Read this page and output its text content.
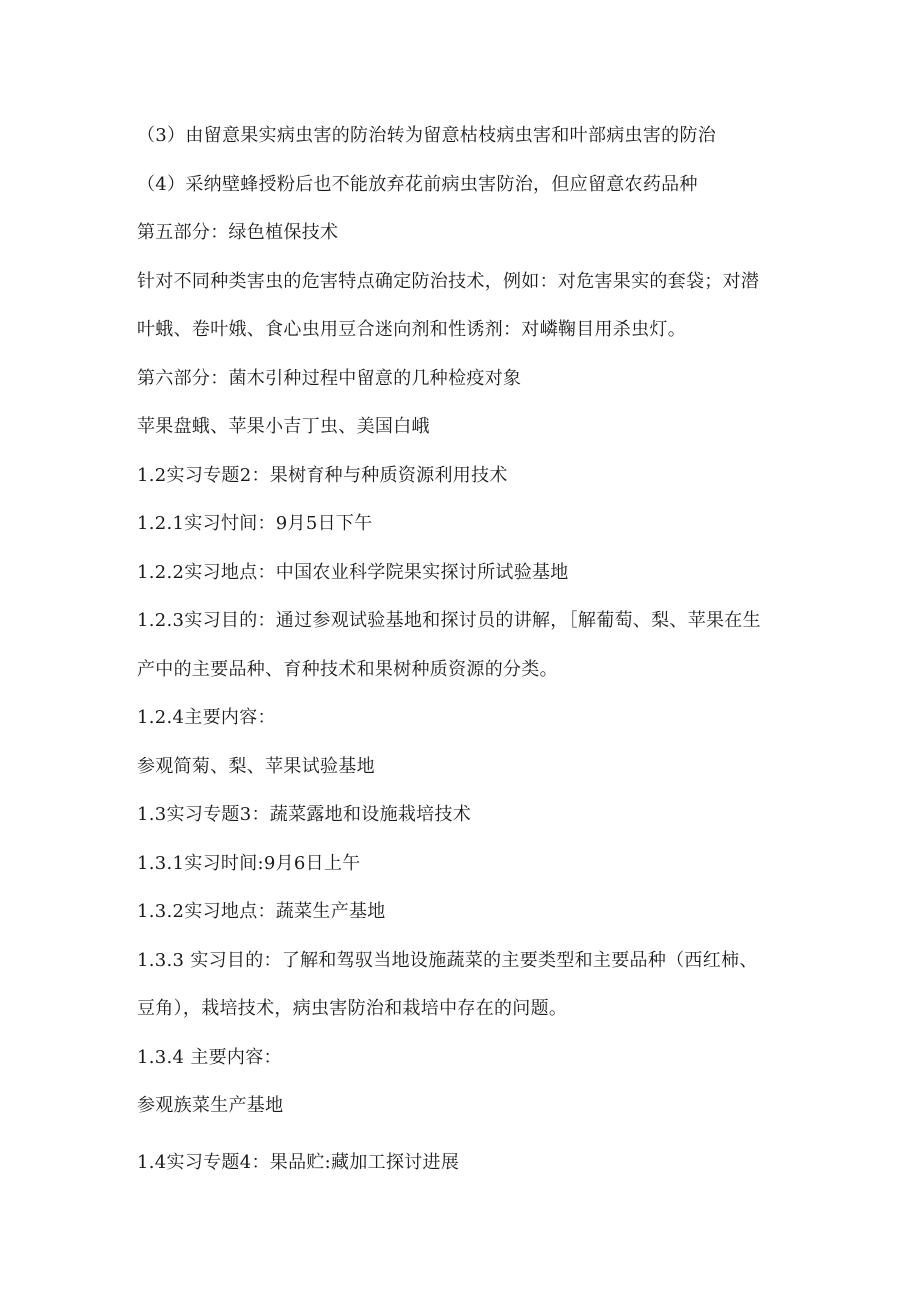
（3）由留意果实病虫害的防治转为留意枯枝病虫害和叶部病虫害的防治
（4）采纳壁蜂授粉后也不能放弃花前病虫害防治，但应留意农药品种
第五部分：绿色植保技术
针对不同种类害虫的危害特点确定防治技术，例如：对危害果实的套袋；对潜
叶蛾、卷叶娥、食心虫用豆合迷向剂和性诱剂：对嶙鞠目用杀虫灯。
第六部分：菌木引种过程中留意的几种检疫对象
苹果盘蛾、苹果小吉丁虫、美国白峨
1.2实习专题2：果树育种与种质资源利用技术
1.2.1实习忖间：9月5日下午
1.2.2实习地点：中国农业科学院果实探讨所试验基地
1.2.3实习目的：通过参观试验基地和探讨员的讲解，［解葡萄、梨、苹果在生
产中的主要品种、育种技术和果树种质资源的分类。
1.2.4主要内容：
参观简菊、梨、苹果试验基地
1.3实习专题3：蔬菜露地和设施栽培技术
1.3.1实习时间:9月6日上午
1.3.2实习地点：蔬菜生产基地
1.3.3 实习目的：了解和驾驭当地设施蔬菜的主要类型和主要品种（西红柿、
豆角），栽培技术，病虫害防治和栽培中存在的问题。
1.3.4 主要内容：
参观族菜生产基地
1.4实习专题4：果品贮:藏加工探讨进展
